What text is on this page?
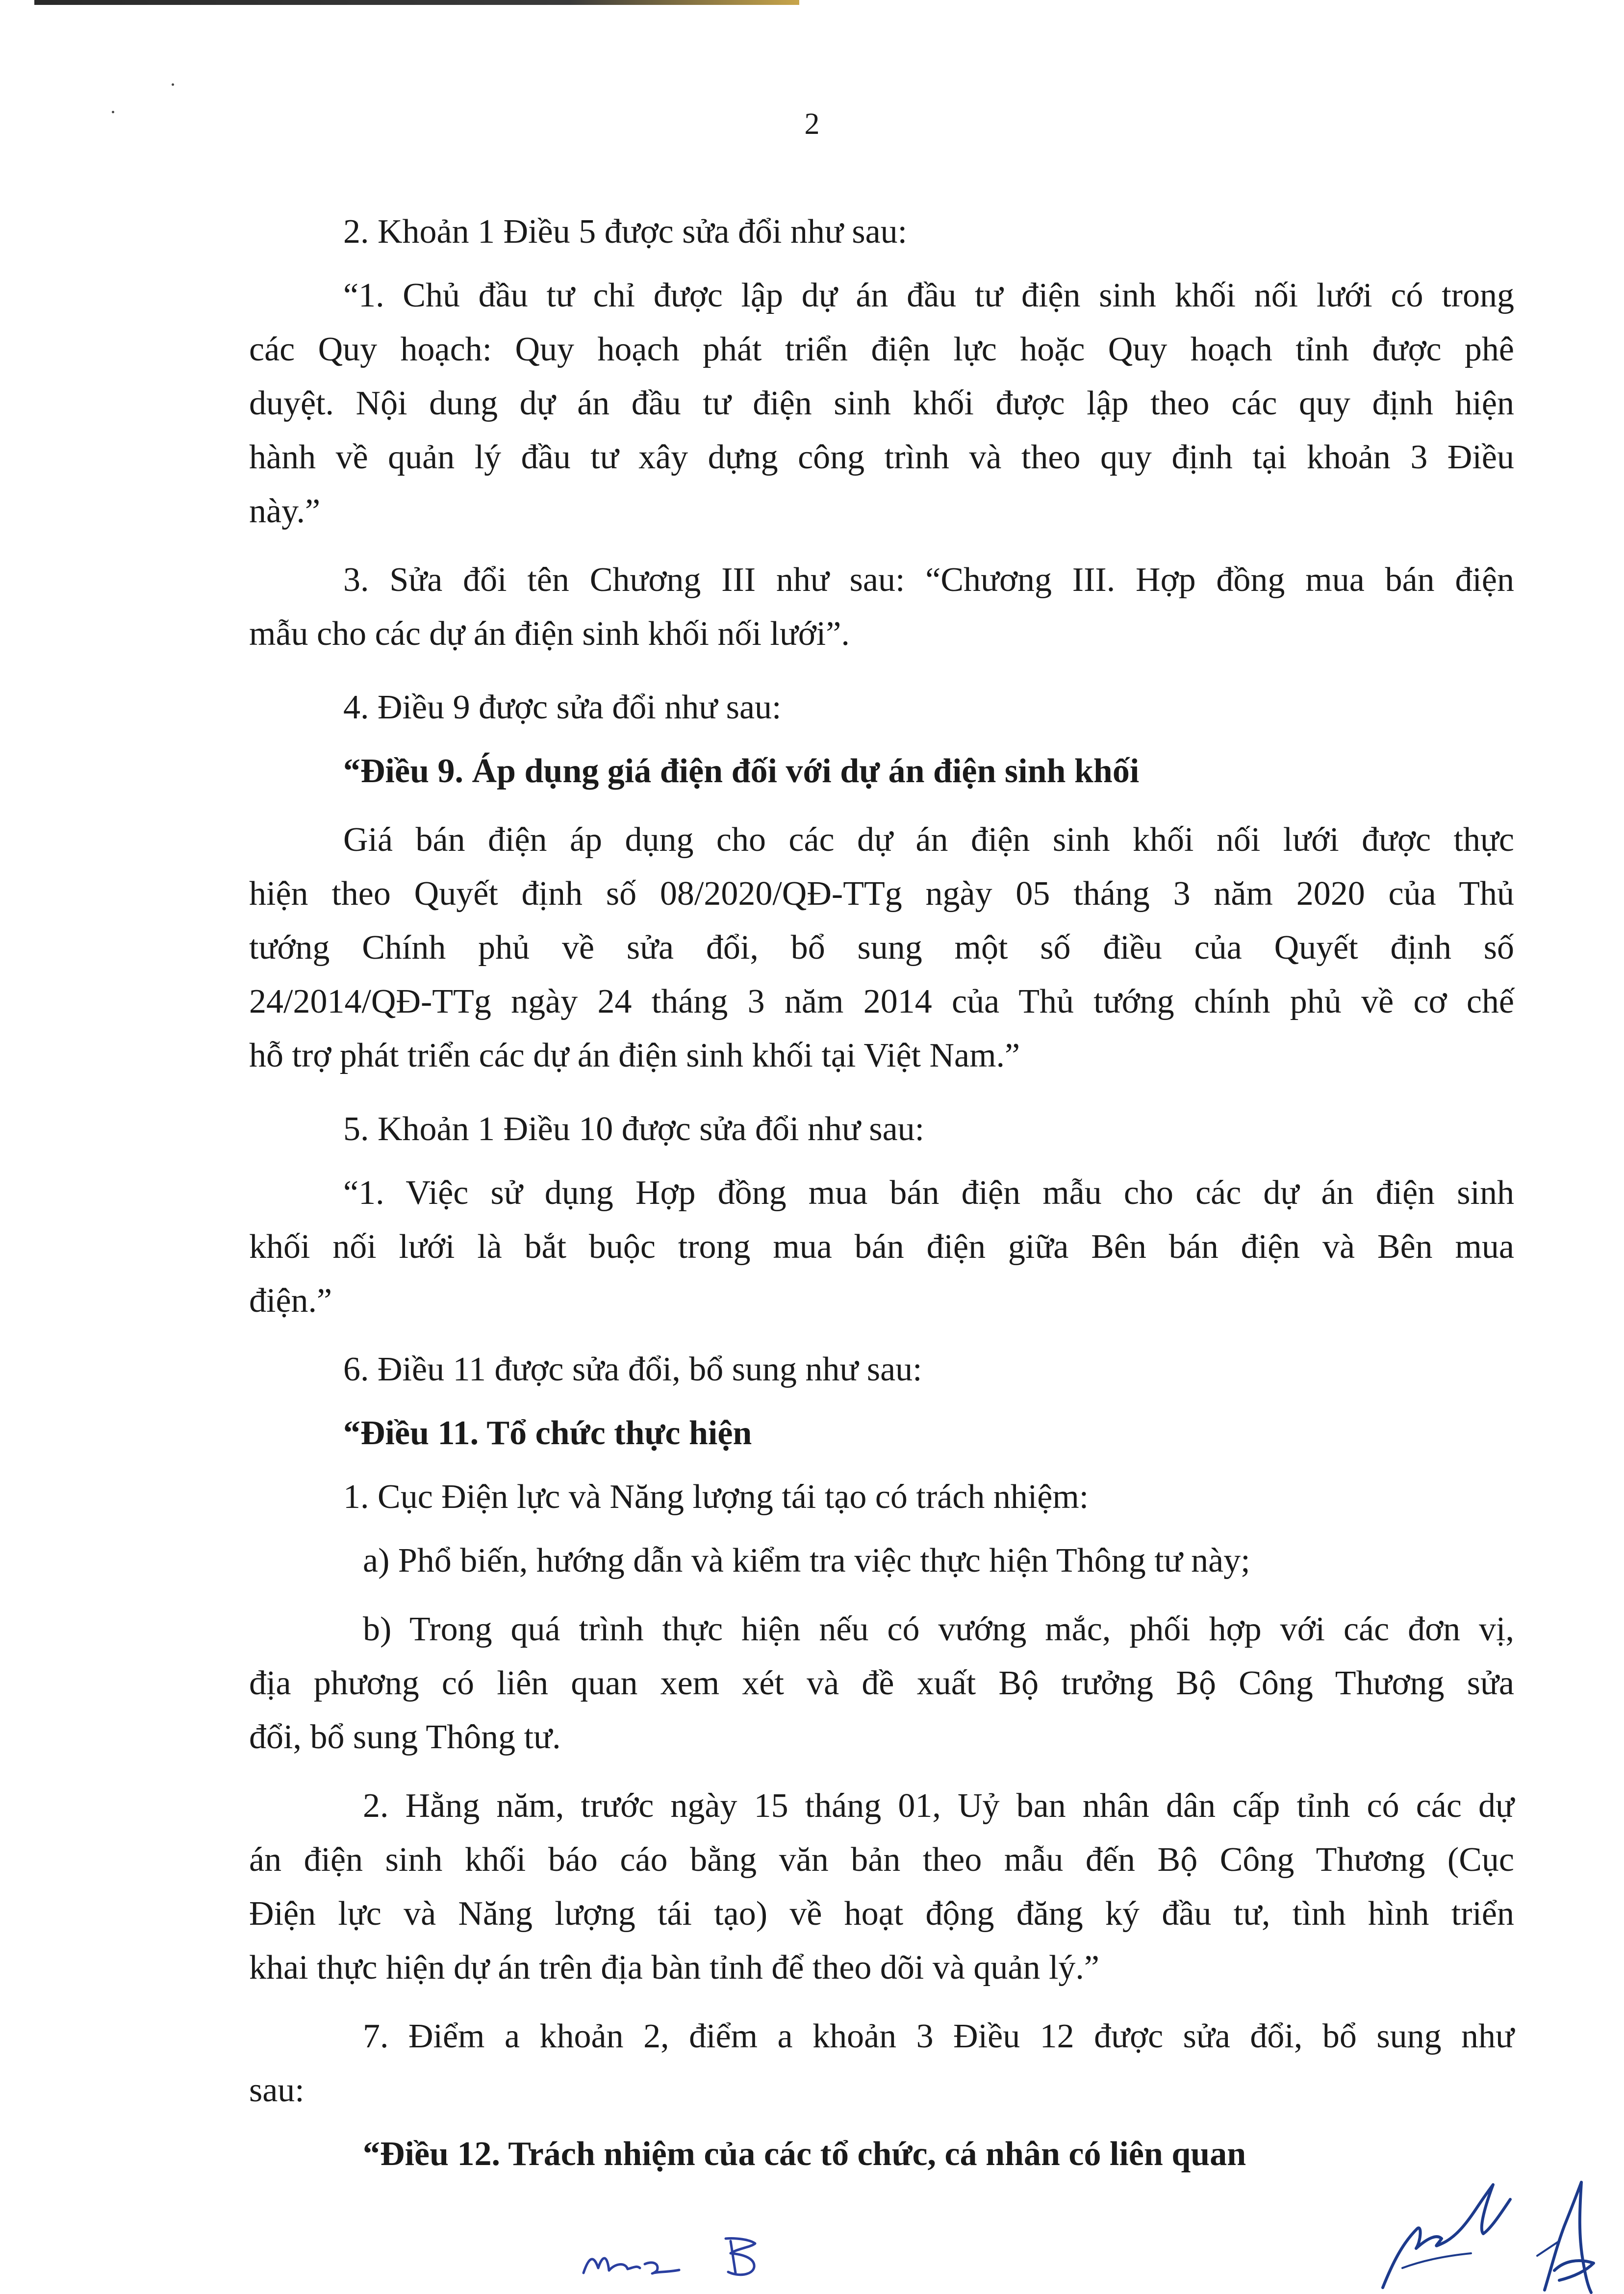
2
2. Khoản 1 Điều 5 được sửa đổi như sau:
“1. Chủ đầu tư chỉ được lập dự án đầu tư điện sinh khối nối lưới có trong
các Quy hoạch: Quy hoạch phát triển điện lực hoặc Quy hoạch tỉnh được phê
duyệt. Nội dung dự án đầu tư điện sinh khối được lập theo các quy định hiện
hành về quản lý đầu tư xây dựng công trình và theo quy định tại khoản 3 Điều
này.”
3. Sửa đổi tên Chương III như sau: “Chương III. Hợp đồng mua bán điện
mẫu cho các dự án điện sinh khối nối lưới”.
4. Điều 9 được sửa đổi như sau:
“Điều 9. Áp dụng giá điện đối với dự án điện sinh khối
Giá bán điện áp dụng cho các dự án điện sinh khối nối lưới được thực
hiện theo Quyết định số 08/2020/QĐ-TTg ngày 05 tháng 3 năm 2020 của Thủ
tướng Chính phủ về sửa đổi, bổ sung một số điều của Quyết định số
24/2014/QĐ-TTg ngày 24 tháng 3 năm 2014 của Thủ tướng chính phủ về cơ chế
hỗ trợ phát triển các dự án điện sinh khối tại Việt Nam.”
5. Khoản 1 Điều 10 được sửa đổi như sau:
“1. Việc sử dụng Hợp đồng mua bán điện mẫu cho các dự án điện sinh
khối nối lưới là bắt buộc trong mua bán điện giữa Bên bán điện và Bên mua
điện.”
6. Điều 11 được sửa đổi, bổ sung như sau:
“Điều 11. Tổ chức thực hiện
1. Cục Điện lực và Năng lượng tái tạo có trách nhiệm:
a) Phổ biến, hướng dẫn và kiểm tra việc thực hiện Thông tư này;
b) Trong quá trình thực hiện nếu có vướng mắc, phối hợp với các đơn vị,
địa phương có liên quan xem xét và đề xuất Bộ trưởng Bộ Công Thương sửa
đổi, bổ sung Thông tư.
2. Hằng năm, trước ngày 15 tháng 01, Uỷ ban nhân dân cấp tỉnh có các dự
án điện sinh khối báo cáo bằng văn bản theo mẫu đến Bộ Công Thương (Cục
Điện lực và Năng lượng tái tạo) về hoạt động đăng ký đầu tư, tình hình triển
khai thực hiện dự án trên địa bàn tỉnh để theo dõi và quản lý.”
7. Điểm a khoản 2, điểm a khoản 3 Điều 12 được sửa đổi, bổ sung như
sau:
“Điều 12. Trách nhiệm của các tổ chức, cá nhân có liên quan
